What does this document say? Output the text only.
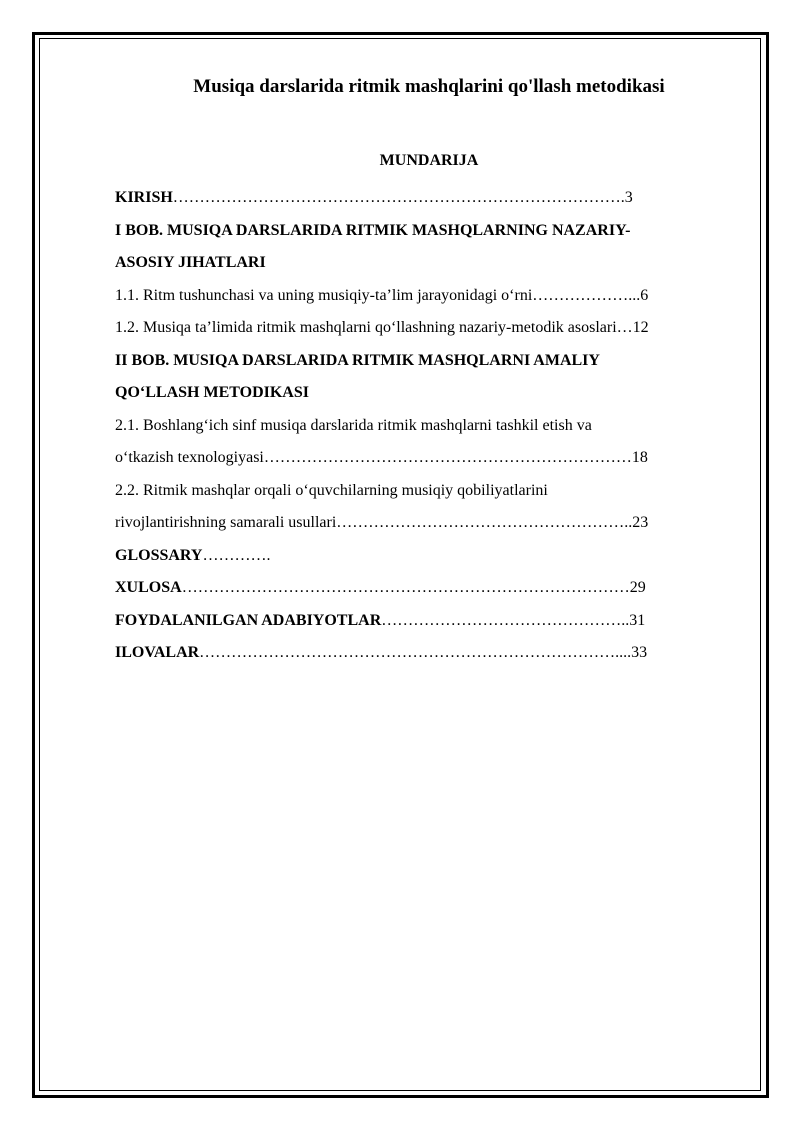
Musiqa darslarida ritmik mashqlarini qo'llash metodikasi
MUNDARIJA
KIRISH………………………………………………………………………….3
I BOB. MUSIQA DARSLARIDA RITMIK MASHQLARNING NAZARIY-
ASOSIY JIHATLARI
1.1. Ritm tushunchasi va uning musiqiy-ta’lim jarayonidagi o‘rni………………...6
1.2. Musiqa ta’limida ritmik mashqlarni qo‘llashning nazariy-metodik asoslari…12
II BOB. MUSIQA DARSLARIDA RITMIK MASHQLARNI AMALIY
QO‘LLASH METODIKASI
2.1. Boshlang‘ich sinf musiqa darslarida ritmik mashqlarni tashkil etish va
o‘tkazish texnologiyasi……………………………………………………………18
2.2. Ritmik mashqlar orqali o‘quvchilarning musiqiy qobiliyatlarini
rivojlantirishning samarali usullari………………………………………………..23
GLOSSARY………….
XULOSA…………………………………………………………………………29
FOYDALANILGAN ADABIYOTLAR………………………………………..31
ILOVALAR……………………………………………………………………....33
